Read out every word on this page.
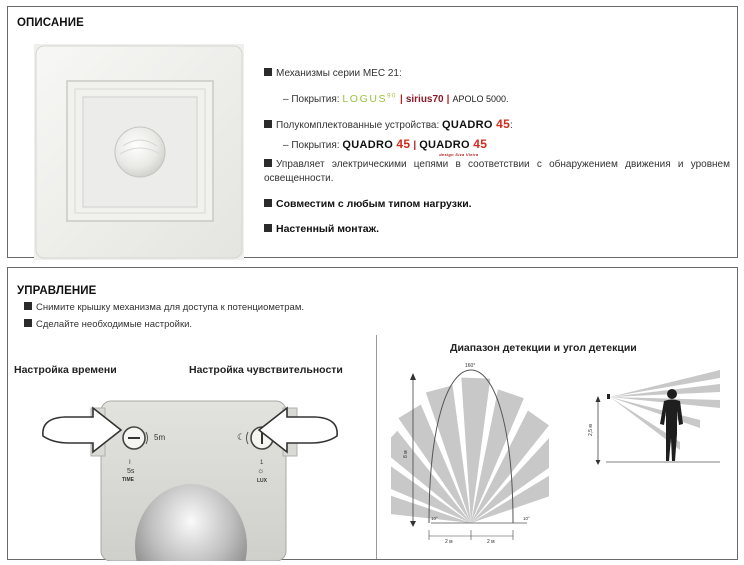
ОПИСАНИЕ
Механизмы серии МЕС 21:
– Покрытия: LOGUS$^{90}$ | sirius70 | APOLO 5000.
Полукомплектованные устройства: QUADRO 45:
– Покрытия: QUADRO 45 | QUADRO 45
design Siza Vieira
Управляет электрическими цепями в соответствии с обнаружением движения и уровнем освещенности.
Совместим с любым типом нагрузки.
Настенный монтаж.
УПРАВЛЕНИЕ
Снимите крышку механизма для доступа к потенциометрам.
Сделайте необходимые настройки.
Настройка времени	Настройка чувствительности
Диапазон детекции и угол детекции
5m
I
5s
TIME
☾
1
☼
LUX
8 м
2 м	2 м
160°
10°	10°
2,5 м
